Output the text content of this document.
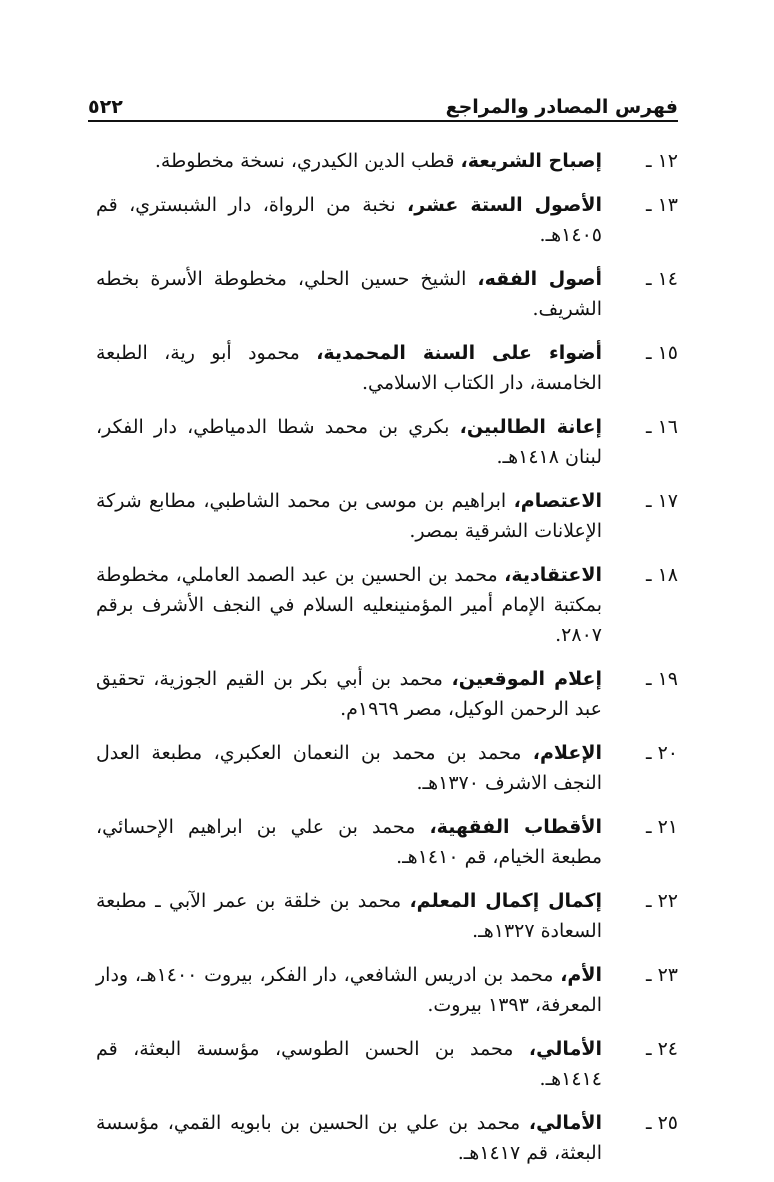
فهرس المصادر والمراجع
٥٢٢
١٢ ـ
إصباح الشريعة، قطب الدين الكيدري، نسخة مخطوطة.
١٣ ـ
الأصول الستة عشر، نخبة من الرواة، دار الشبستري، قم ١٤٠٥هـ.
١٤ ـ
أصول الفقه، الشيخ حسين الحلي، مخطوطة الأسرة بخطه الشريف.
١٥ ـ
أضواء على السنة المحمدية، محمود أبو رية، الطبعة الخامسة، دار الكتاب الاسلامي.
١٦ ـ
إعانة الطالبين، بكري بن محمد شطا الدمياطي، دار الفكر، لبنان ١٤١٨هـ.
١٧ ـ
الاعتصام، ابراهيم بن موسى بن محمد الشاطبي، مطابع شركة الإعلانات الشرقية بمصر.
١٨ ـ
الاعتقادية، محمد بن الحسين بن عبد الصمد العاملي، مخطوطة بمكتبة الإمام أمير المؤمنينعليه السلام في النجف الأشرف برقم ٢٨٠٧.
١٩ ـ
إعلام الموقعين، محمد بن أبي بكر بن القيم الجوزية، تحقيق عبد الرحمن الوكيل، مصر ١٩٦٩م.
٢٠ ـ
الإعلام، محمد بن محمد بن النعمان العكبري، مطبعة العدل النجف الاشرف ١٣٧٠هـ.
٢١ ـ
الأقطاب الفقهية، محمد بن علي بن ابراهيم الإحسائي، مطبعة الخيام، قم ١٤١٠هـ.
٢٢ ـ
إكمال إكمال المعلم، محمد بن خلقة بن عمر الآبي ـ مطبعة السعادة ١٣٢٧هـ.
٢٣ ـ
الأم، محمد بن ادريس الشافعي، دار الفكر، بيروت ١٤٠٠هـ، ودار المعرفة، ١٣٩٣ بيروت.
٢٤ ـ
الأمالي، محمد بن الحسن الطوسي، مؤسسة البعثة، قم ١٤١٤هـ.
٢٥ ـ
الأمالي، محمد بن علي بن الحسين بن بابويه القمي، مؤسسة البعثة، قم ١٤١٧هـ.
